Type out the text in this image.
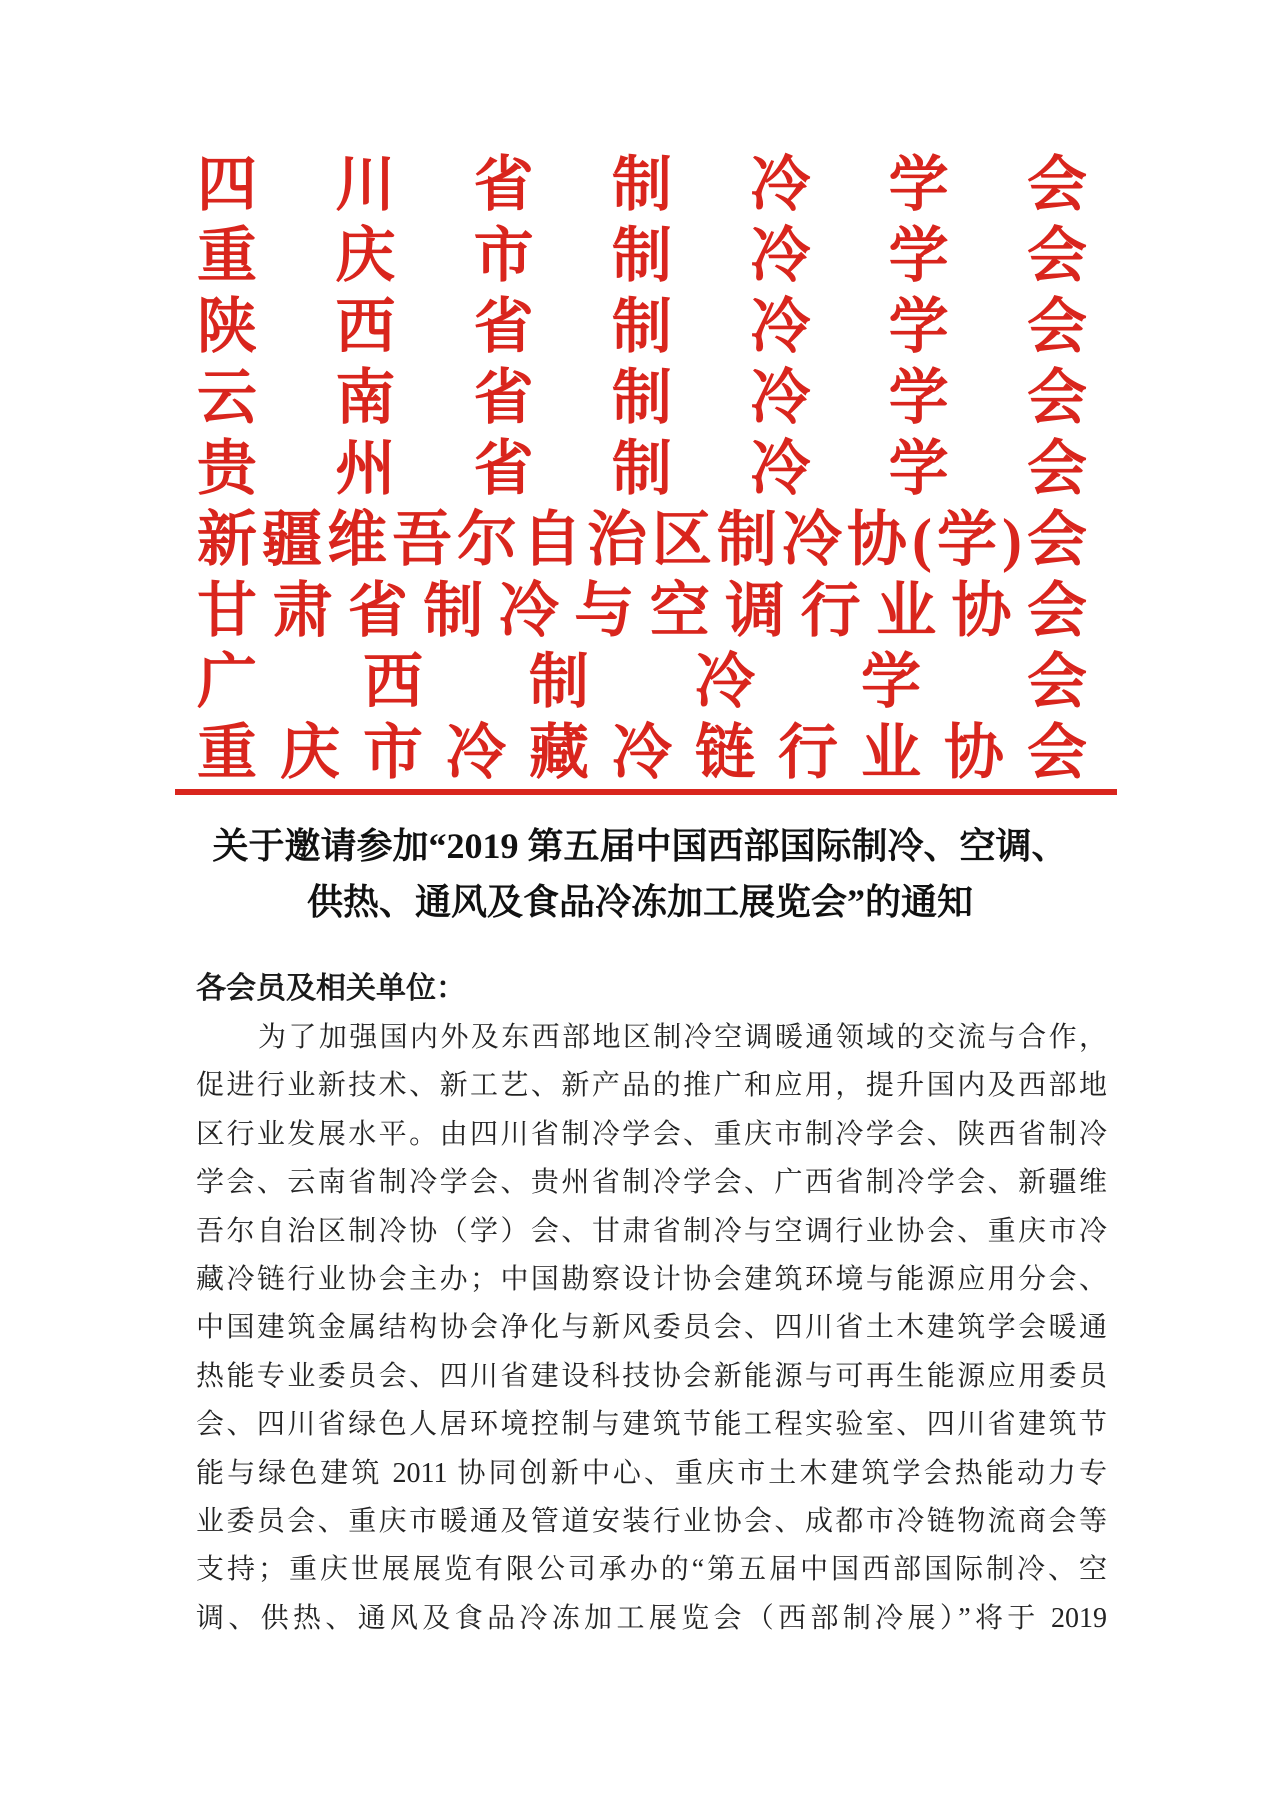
四 川 省 制 冷 学 会
重 庆 市 制 冷 学 会
陕 西 省 制 冷 学 会
云 南 省 制 冷 学 会
贵 州 省 制 冷 学 会
新 疆 维 吾 尔 自 治 区 制 冷 协 ( 学 ) 会
甘 肃 省 制 冷 与 空 调 行 业 协 会
广 西 制 冷 学 会
重 庆 市 冷 藏 冷 链 行 业 协 会
关于邀请参加“2019 第五届中国西部国际制冷、空调、
供热、通风及食品冷冻加工展览会”的通知
各会员及相关单位：
为了加强国内外及东西部地区制冷空调暖通领域的交流与合作，
促进行业新技术、新工艺、新产品的推广和应用，提升国内及西部地
区行业发展水平。由四川省制冷学会、重庆市制冷学会、陕西省制冷
学会、云南省制冷学会、贵州省制冷学会、广西省制冷学会、新疆维
吾尔自治区制冷协（学）会、甘肃省制冷与空调行业协会、重庆市冷
藏冷链行业协会主办；中国勘察设计协会建筑环境与能源应用分会、
中国建筑金属结构协会净化与新风委员会、四川省土木建筑学会暖通
热能专业委员会、四川省建设科技协会新能源与可再生能源应用委员
会、四川省绿色人居环境控制与建筑节能工程实验室、四川省建筑节
能与绿色建筑 2011 协同创新中心、重庆市土木建筑学会热能动力专
业委员会、重庆市暖通及管道安装行业协会、成都市冷链物流商会等
支持；重庆世展展览有限公司承办的“第五届中国西部国际制冷、空
调、供热、通风及食品冷冻加工展览会（西部制冷展）”将于 2019
